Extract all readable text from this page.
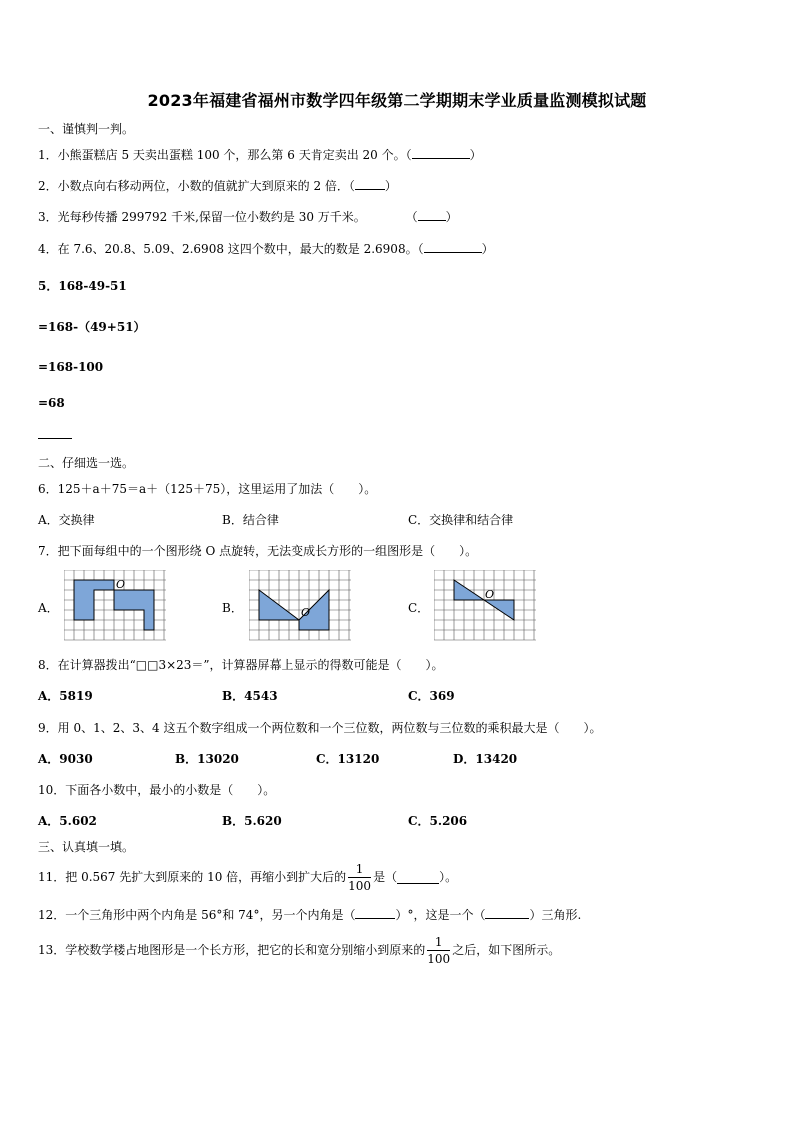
2023年福建省福州市数学四年级第二学期期末学业质量监测模拟试题
一、谨慎判一判。
1．小熊蛋糕店 5 天卖出蛋糕 100 个，那么第 6 天肯定卖出 20 个。（	）
2．小数点向右移动两位，小数的值就扩大到原来的 2 倍．（	）
3．光每秒传播 299792 千米,保留一位小数约是 30 万千米。	（ ）
4．在 7.6、20.8、5.09、2.6908 这四个数中，最大的数是 2.6908。（	）
5．168-49-51
=168-（49+51）
=168-100
=68
二、仔细选一选。
6．125＋a＋75＝a＋（125＋75），这里运用了加法（　　）。
A．交换律	B．结合律	C．交换律和结合律
7．把下面每组中的一个图形绕 O 点旋转，无法变成长方形的一组图形是（　　）。
A．	B．	C．
O
O
O
8．在计算器拨出“□□3×23＝”，计算器屏幕上显示的得数可能是（　　）。
A．5819	B．4543	C．369
9．用 0、1、2、3、4 这五个数字组成一个两位数和一个三位数，两位数与三位数的乘积最大是（　　）。
A．9030	B．13020	C．13120	D．13420
10．下面各小数中，最小的小数是（　　）。
A．5.602	B．5.620	C．5.206
三、认真填一填。
11．把 0.567 先扩大到原来的 10 倍，再缩小到扩大后的 $\frac{1}{100}$ 是（	）。
12．一个三角形中两个内角是 56°和 74°，另一个内角是（	）°，这是一个（	）三角形.
13．学校数学楼占地图形是一个长方形，把它的长和宽分别缩小到原来的 $\frac{1}{100}$ 之后，如下图所示。
